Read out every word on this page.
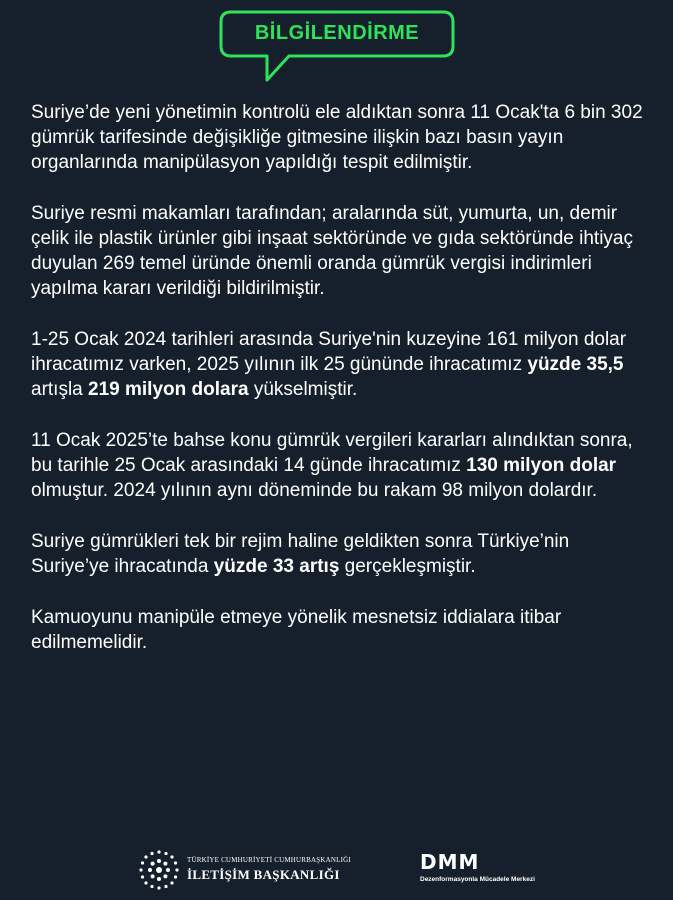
BİLGİLENDİRME

Suriye’de yeni yönetimin kontrolü ele aldıktan sonra 11 Ocak'ta 6 bin 302 gümrük tarifesinde değişikliğe gitmesine ilişkin bazı basın yayın organlarında manipülasyon yapıldığı tespit edilmiştir.

Suriye resmi makamları tarafından; aralarında süt, yumurta, un, demir çelik ile plastik ürünler gibi inşaat sektöründe ve gıda sektöründe ihtiyaç duyulan 269 temel üründe önemli oranda gümrük vergisi indirimleri yapılma kararı verildiği bildirilmiştir.

1-25 Ocak 2024 tarihleri arasında Suriye'nin kuzeyine 161 milyon dolar ihracatımız varken, 2025 yılının ilk 25 gününde ihracatımız yüzde 35,5 artışla 219 milyon dolara yükselmiştir.

11 Ocak 2025’te bahse konu gümrük vergileri kararları alındıktan sonra, bu tarihle 25 Ocak arasındaki 14 günde ihracatımız 130 milyon dolar olmuştur. 2024 yılının aynı döneminde bu rakam 98 milyon dolardır.

Suriye gümrükleri tek bir rejim haline geldikten sonra Türkiye’nin Suriye’ye ihracatında yüzde 33 artış gerçekleşmiştir.

Kamuoyunu manipüle etmeye yönelik mesnetsiz iddialara itibar edilmemelidir.

TÜRKİYE CUMHURİYETİ CUMHURBAŞKANLIĞI
İLETİŞİM BAŞKANLIĞI
DMM
Dezenformasyonla Mücadele Merkezi
